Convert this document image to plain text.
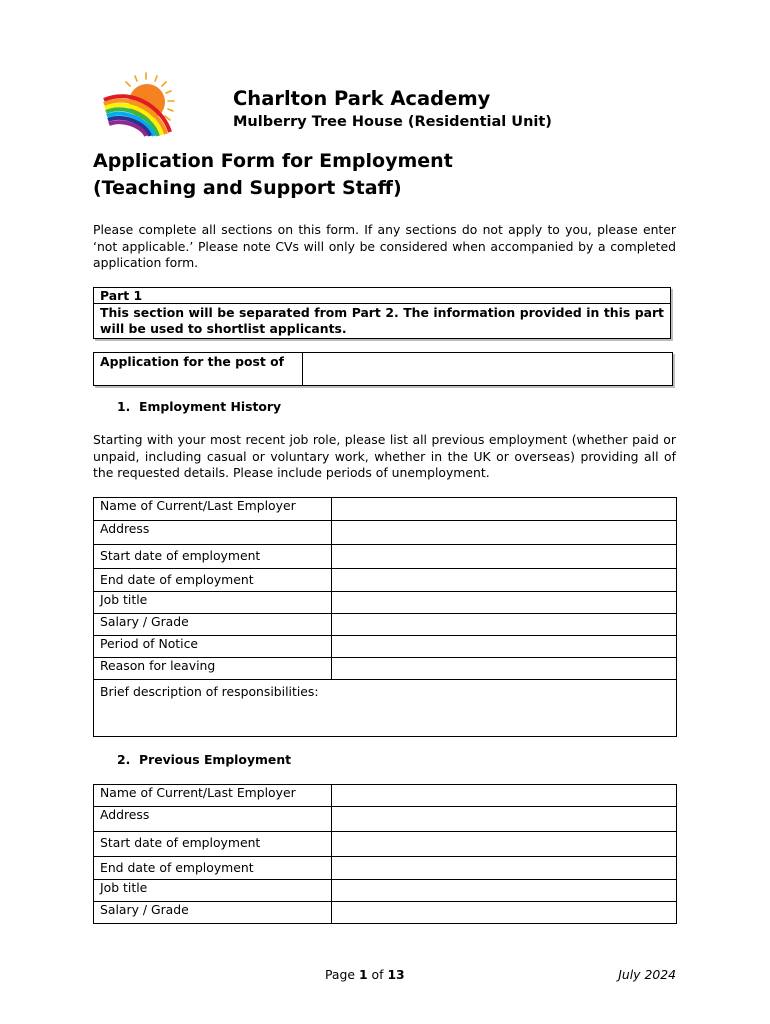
Charlton Park Academy
Mulberry Tree House (Residential Unit)
Application Form for Employment
(Teaching and Support Staff)
Please complete all sections on this form. If any sections do not apply to you, please enter ‘not applicable.’ Please note CVs will only be considered when accompanied by a completed application form.
Part 1
This section will be separated from Part 2. The information provided in this part will be used to shortlist applicants.
Application for the post of
1. Employment History
Starting with your most recent job role, please list all previous employment (whether paid or unpaid, including casual or voluntary work, whether in the UK or overseas) providing all of the requested details. Please include periods of unemployment.
Name of Current/Last Employer	
Address	
Start date of employment	
End date of employment	
Job title	
Salary / Grade	
Period of Notice	
Reason for leaving	
Brief description of responsibilities:	
2. Previous Employment
Name of Current/Last Employer	
Address	
Start date of employment	
End date of employment	
Job title	
Salary / Grade	
Page 1 of 13	July 2024
